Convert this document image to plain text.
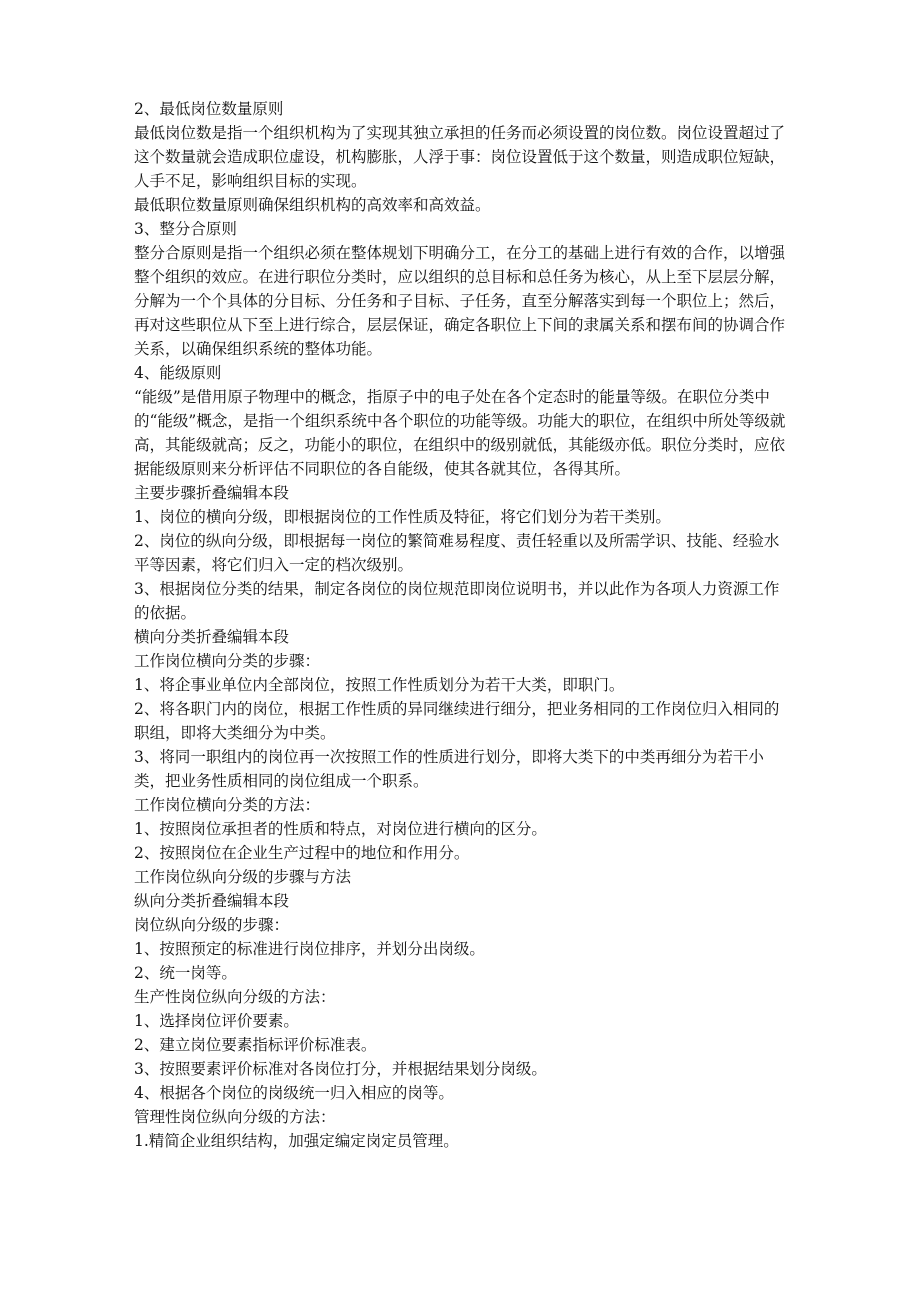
2、最低岗位数量原则

最低岗位数是指一个组织机构为了实现其独立承担的任务而必须设置的岗位数。岗位设置超过了这个数量就会造成职位虚设，机构膨胀，人浮于事：岗位设置低于这个数量，则造成职位短缺，人手不足，影响组织目标的实现。

最低职位数量原则确保组织机构的高效率和高效益。

3、整分合原则

整分合原则是指一个组织必须在整体规划下明确分工，在分工的基础上进行有效的合作，以增强整个组织的效应。在进行职位分类时，应以组织的总目标和总任务为核心，从上至下层层分解，分解为一个个具体的分目标、分任务和子目标、子任务，直至分解落实到每一个职位上；然后，再对这些职位从下至上进行综合，层层保证，确定各职位上下间的隶属关系和摆布间的协调合作关系，以确保组织系统的整体功能。

4、能级原则

“能级”是借用原子物理中的概念，指原子中的电子处在各个定态时的能量等级。在职位分类中的“能级”概念，是指一个组织系统中各个职位的功能等级。功能大的职位，在组织中所处等级就高，其能级就高；反之，功能小的职位，在组织中的级别就低，其能级亦低。职位分类时，应依据能级原则来分析评估不同职位的各自能级，使其各就其位，各得其所。

主要步骤折叠编辑本段

1、岗位的横向分级，即根据岗位的工作性质及特征，将它们划分为若干类别。

2、岗位的纵向分级，即根据每一岗位的繁简难易程度、责任轻重以及所需学识、技能、经验水平等因素，将它们归入一定的档次级别。

3、根据岗位分类的结果，制定各岗位的岗位规范即岗位说明书，并以此作为各项人力资源工作的依据。

横向分类折叠编辑本段

工作岗位横向分类的步骤：

1、将企事业单位内全部岗位，按照工作性质划分为若干大类，即职门。

2、将各职门内的岗位，根据工作性质的异同继续进行细分，把业务相同的工作岗位归入相同的职组，即将大类细分为中类。

3、将同一职组内的岗位再一次按照工作的性质进行划分，即将大类下的中类再细分为若干小类，把业务性质相同的岗位组成一个职系。

工作岗位横向分类的方法：

1、按照岗位承担者的性质和特点，对岗位进行横向的区分。

2、按照岗位在企业生产过程中的地位和作用分。

工作岗位纵向分级的步骤与方法

纵向分类折叠编辑本段

岗位纵向分级的步骤：

1、按照预定的标准进行岗位排序，并划分出岗级。

2、统一岗等。

生产性岗位纵向分级的方法：

1、选择岗位评价要素。

2、建立岗位要素指标评价标准表。

3、按照要素评价标准对各岗位打分，并根据结果划分岗级。

4、根据各个岗位的岗级统一归入相应的岗等。

管理性岗位纵向分级的方法：

1.精简企业组织结构，加强定编定岗定员管理。
